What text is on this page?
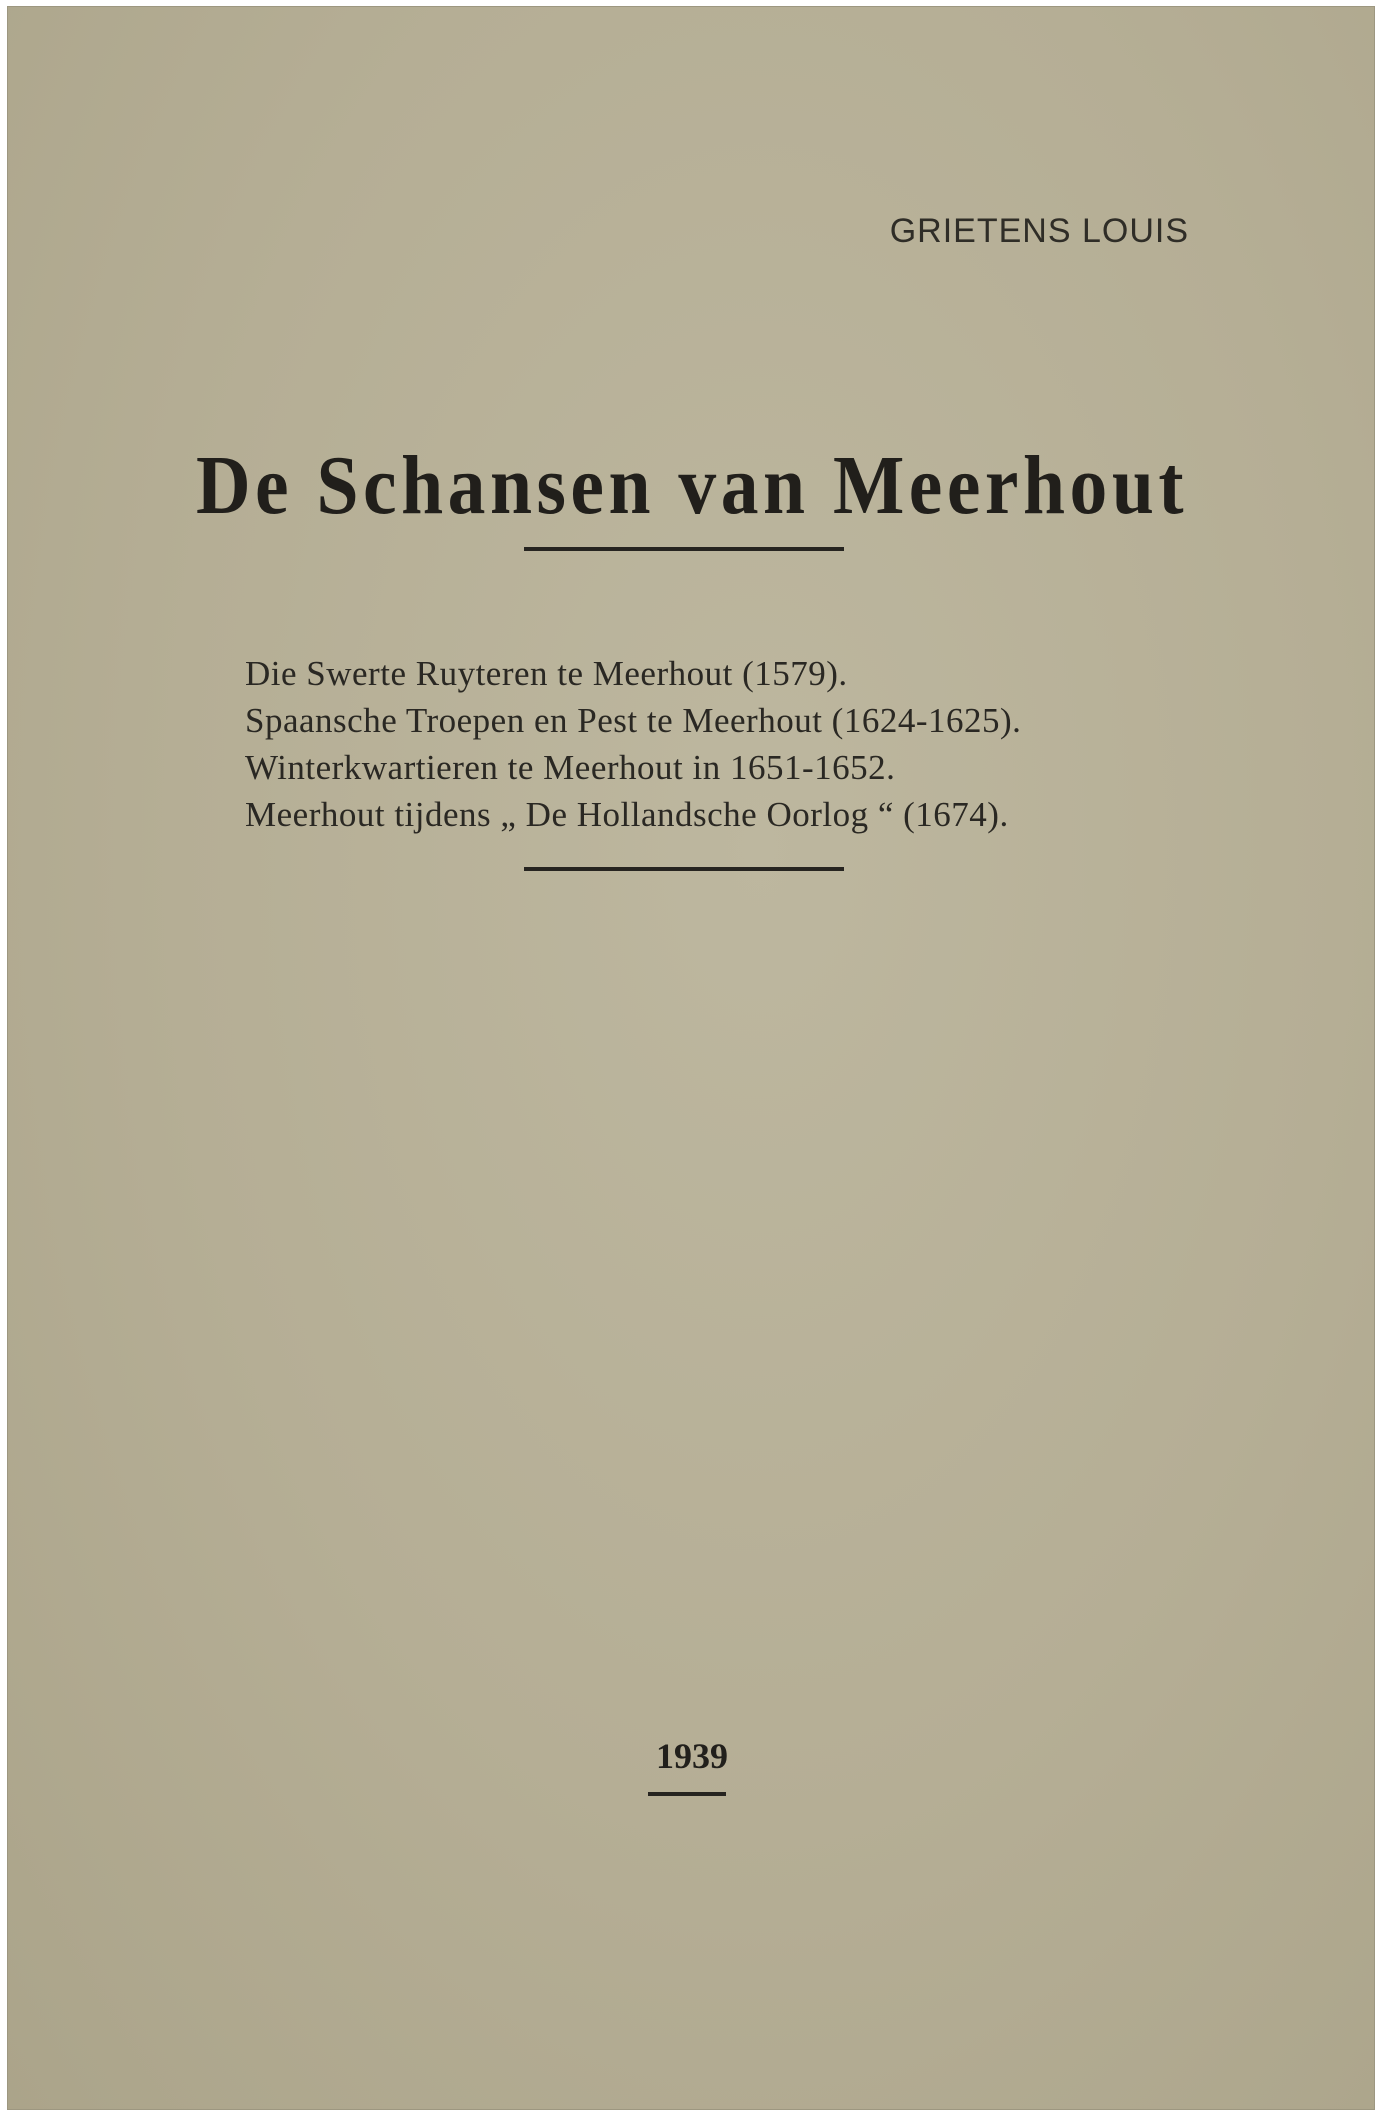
GRIETENS LOUIS
De Schansen van Meerhout
Die Swerte Ruyteren te Meerhout (1579).
Spaansche Troepen en Pest te Meerhout (1624-1625).
Winterkwartieren te Meerhout in 1651-1652.
Meerhout tijdens „ De Hollandsche Oorlog “ (1674).
1939
